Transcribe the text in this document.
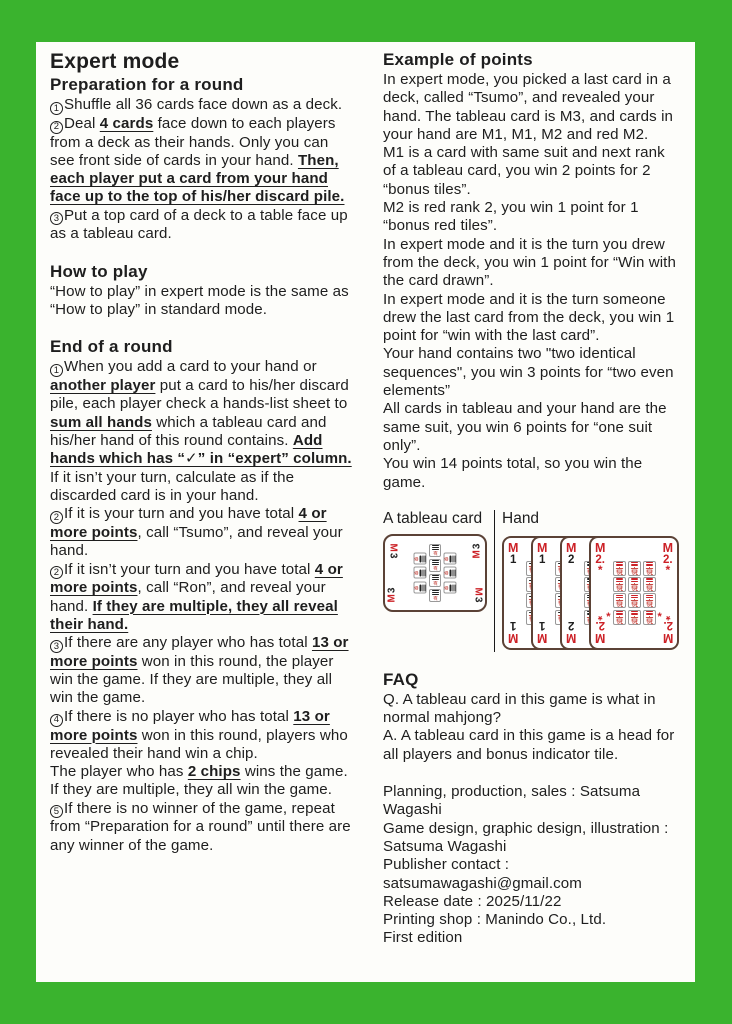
Expert mode
Preparation for a round

1 Shuffle all 36 cards face down as a deck.

2 Deal 4 cards face down to each players from a deck as their hands. Only you can see front side of cards in your hand. Then, each player put a card from your hand face up to the top of his/her discard pile.

3 Put a top card of a deck to a table face up as a tableau card.

How to play

“How to play” in expert mode is the same as “How to play” in standard mode.

End of a round

1 When you add a card to your hand or another player put a card to his/her discard pile, each player check a hands-list sheet to sum all hands which a tableau card and his/her hand of this round contains. Add hands which has “✓” in “expert” column.

If it isn’t your turn, calculate as if the discarded card is in your hand.

2 If it is your turn and you have total 4 or more points, call “Tsumo”, and reveal your hand.

2 If it isn’t your turn and you have total 4 or more points, call “Ron”, and reveal your hand. If they are multiple, they all reveal their hand.

3 If there are any player who has total 13 or more points won in this round, the player win the game. If they are multiple, they all win the game.

4 If there is no player who has total 13 or more points won in this round, players who revealed their hand win a chip.

The player who has 2 chips wins the game. If they are multiple, they all win the game.

5 If there is no winner of the game, repeat from “Preparation for a round” until there are any winner of the game.

Example of points

In expert mode, you picked a last card in a deck, called “Tsumo”, and revealed your hand. The tableau card is M3, and cards in your hand are M1, M1, M2 and red M2.

M1 is a card with same suit and next rank of a tableau card, you win 2 points for 2 “bonus tiles”.

M2 is red rank 2, you win 1 point for 1 “bonus red tiles”.

In expert mode and it is the turn you drew from the deck, you win 1 point for “Win with the card drawn”.

In expert mode and it is the turn someone drew the last card from the deck, you win 1 point for “win with the last card”.

Your hand contains two "two identical sequences", you win 3 points for “two even elements”

All cards in tableau and your hand are the same suit, you win 6 points for “one suit only”.

You win 14 points total, so you win the game.

A tableau card
M
3	M
3
M
3	M
3
Hand
M
1
M
1
M
1
M
1
M
2
M
2
M
2.
*
M
2.
*
M
2.
*
M
2.
*
*	*
FAQ

Q. A tableau card in this game is what in normal mahjong?

A. A tableau card in this game is a head for all players and bonus indicator tile.

Planning, production, sales : Satsuma Wagashi

Game design, graphic design, illustration : Satsuma Wagashi

Publisher contact :

satsumawagashi@gmail.com

Release date : 2025/11/22

Printing shop : Manindo Co., Ltd.

First edition
